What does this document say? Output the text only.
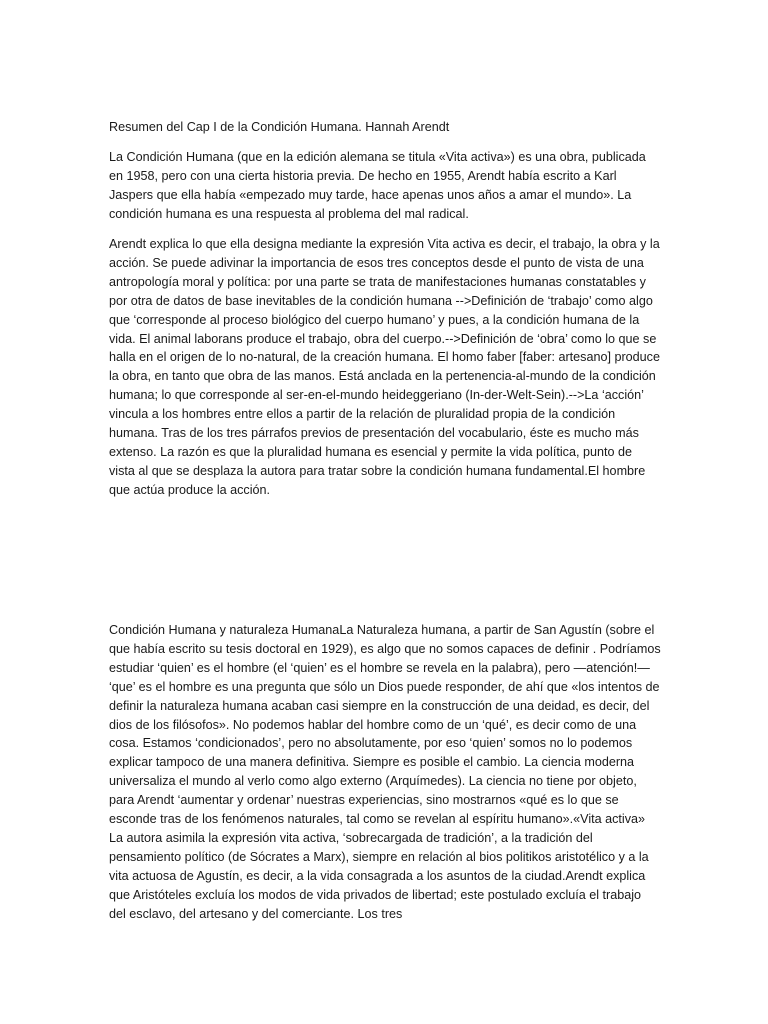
Resumen del Cap I de la Condición Humana. Hannah Arendt

La Condición Humana (que en la edición alemana se titula «Vita activa») es una obra, publicada en 1958, pero con una cierta historia previa. De hecho en 1955, Arendt había escrito a Karl Jaspers que ella había «empezado muy tarde, hace apenas unos años a amar el mundo». La condición humana es una respuesta al problema del mal radical.

Arendt explica lo que ella designa mediante la expresión Vita activa es decir, el trabajo, la obra y la acción. Se puede adivinar la importancia de esos tres conceptos desde el punto de vista de una antropología moral y política: por una parte se trata de manifestaciones humanas constatables y por otra de datos de base inevitables de la condición humana -->Definición de ‘trabajo’ como algo que ‘corresponde al proceso biológico del cuerpo humano’ y pues, a la condición humana de la vida. El animal laborans produce el trabajo, obra del cuerpo.-->Definición de ‘obra’ como lo que se halla en el origen de lo no-natural, de la creación humana. El homo faber [faber: artesano] produce la obra, en tanto que obra de las manos. Está anclada en la pertenencia-al-mundo de la condición humana; lo que corresponde al ser-en-el-mundo heideggeriano (In-der-Welt-Sein).-->La ‘acción’ vincula a los hombres entre ellos a partir de la relación de pluralidad propia de la condición humana. Tras de los tres párrafos previos de presentación del vocabulario, éste es mucho más extenso. La razón es que la pluralidad humana es esencial y permite la vida política, punto de vista al que se desplaza la autora para tratar sobre la condición humana fundamental.El hombre que actúa produce la acción.

Condición Humana y naturaleza HumanaLa Naturaleza humana, a partir de San Agustín (sobre el que había escrito su tesis doctoral en 1929), es algo que no somos capaces de definir . Podríamos estudiar ‘quien’ es el hombre (el ‘quien’ es el hombre se revela en la palabra), pero —atención!— ‘que’ es el hombre es una pregunta que sólo un Dios puede responder, de ahí que «los intentos de definir la naturaleza humana acaban casi siempre en la construcción de una deidad, es decir, del dios de los filósofos». No podemos hablar del hombre como de un ‘qué’, es decir como de una cosa. Estamos ‘condicionados’, pero no absolutamente, por eso ‘quien’ somos no lo podemos explicar tampoco de una manera definitiva. Siempre es posible el cambio. La ciencia moderna universaliza el mundo al verlo como algo externo (Arquímedes). La ciencia no tiene por objeto, para Arendt ‘aumentar y ordenar’ nuestras experiencias, sino mostrarnos «qué es lo que se esconde tras de los fenómenos naturales, tal como se revelan al espíritu humano».«Vita activa» La autora asimila la expresión vita activa, ‘sobrecargada de tradición’, a la tradición del pensamiento político (de Sócrates a Marx), siempre en relación al bios politikos aristotélico y a la vita actuosa de Agustín, es decir, a la vida consagrada a los asuntos de la ciudad.Arendt explica que Aristóteles excluía los modos de vida privados de libertad; este postulado excluía el trabajo del esclavo, del artesano y del comerciante. Los tres
